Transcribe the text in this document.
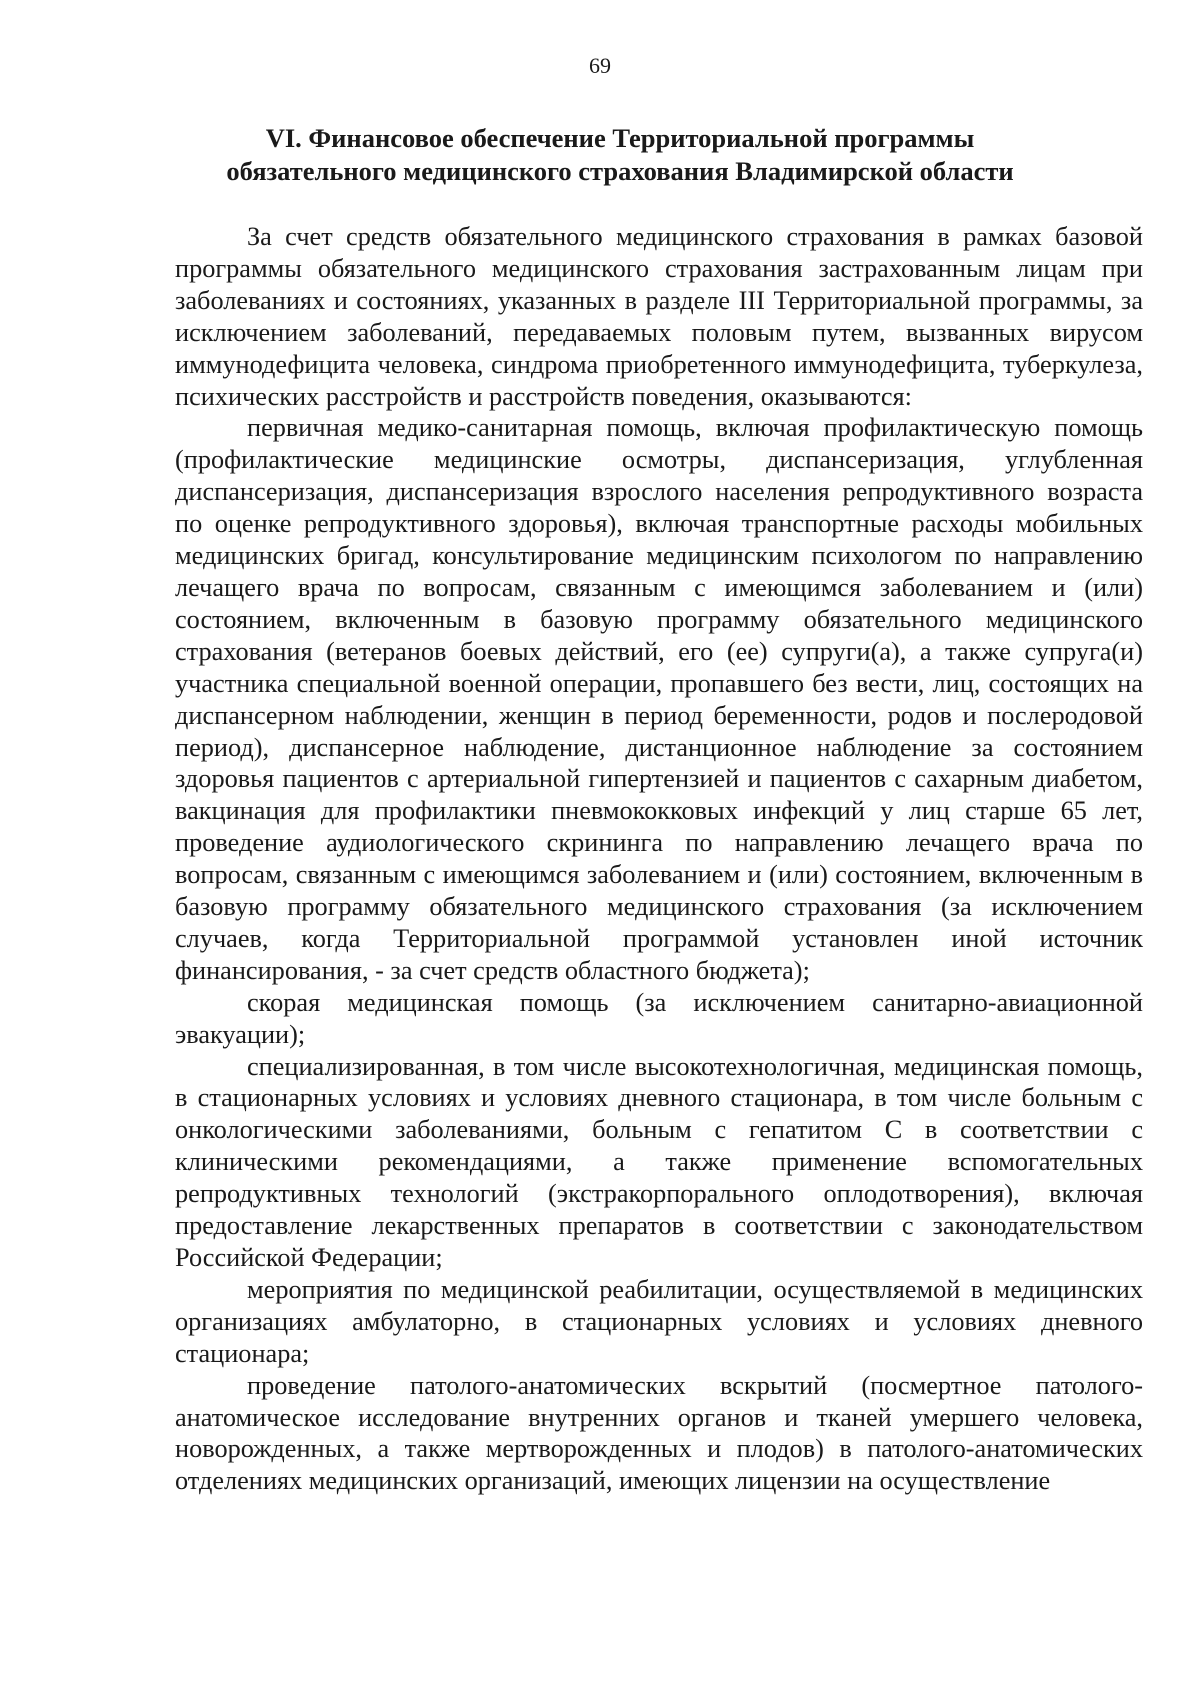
69
VI. Финансовое обеспечение Территориальной программы
обязательного медицинского страхования Владимирской области

За счет средств обязательного медицинского страхования в рамках базовой программы обязательного медицинского страхования застрахованным лицам при заболеваниях и состояниях, указанных в разделе III Территориальной программы, за исключением заболеваний, передаваемых половым путем, вызванных вирусом иммунодефицита человека, синдрома приобретенного иммунодефицита, туберкулеза, психических расстройств и расстройств поведения, оказываются:

первичная медико-санитарная помощь, включая профилактическую помощь (профилактические медицинские осмотры, диспансеризация, углубленная диспансеризация, диспансеризация взрослого населения репродуктивного возраста по оценке репродуктивного здоровья), включая транспортные расходы мобильных медицинских бригад, консультирование медицинским психологом по направлению лечащего врача по вопросам, связанным с имеющимся заболеванием и (или) состоянием, включенным в базовую программу обязательного медицинского страхования (ветеранов боевых действий, его (ее) супруги(а), а также супруга(и) участника специальной военной операции, пропавшего без вести, лиц, состоящих на диспансерном наблюдении, женщин в период беременности, родов и послеродовой период), диспансерное наблюдение, дистанционное наблюдение за состоянием здоровья пациентов с артериальной гипертензией и пациентов с сахарным диабетом, вакцинация для профилактики пневмококковых инфекций у лиц старше 65 лет, проведение аудиологического скрининга по направлению лечащего врача по вопросам, связанным с имеющимся заболеванием и (или) состоянием, включенным в базовую программу обязательного медицинского страхования (за исключением случаев, когда Территориальной программой установлен иной источник финансирования, - за счет средств областного бюджета);

скорая медицинская помощь (за исключением санитарно-авиационной эвакуации);

специализированная, в том числе высокотехнологичная, медицинская помощь, в стационарных условиях и условиях дневного стационара, в том числе больным с онкологическими заболеваниями, больным с гепатитом С в соответствии с клиническими рекомендациями, а также применение вспомогательных репродуктивных технологий (экстракорпорального оплодотворения), включая предоставление лекарственных препаратов в соответствии с законодательством Российской Федерации;

мероприятия по медицинской реабилитации, осуществляемой в медицинских организациях амбулаторно, в стационарных условиях и условиях дневного стационара;

проведение патолого-анатомических вскрытий (посмертное патолого-анатомическое исследование внутренних органов и тканей умершего человека, новорожденных, а также мертворожденных и плодов) в патолого-анатомических отделениях медицинских организаций, имеющих лицензии на осуществление
